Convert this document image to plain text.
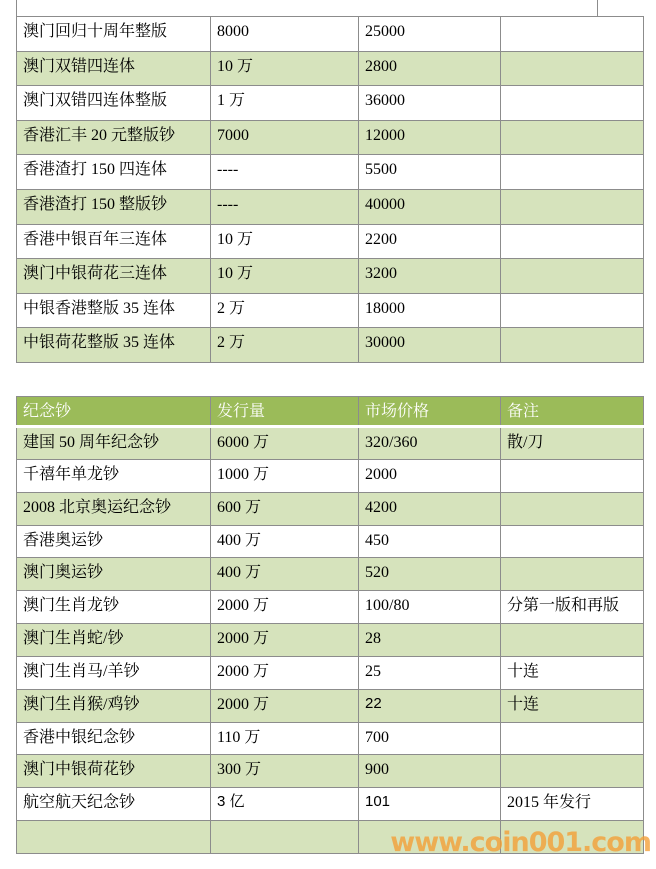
澳门回归十周年整版	8000	25000	
澳门双错四连体	10 万	2800	
澳门双错四连体整版	1 万	36000	
香港汇丰 20 元整版钞	7000	12000	
香港渣打 150 四连体	----	5500	
香港渣打 150 整版钞	----	40000	
香港中银百年三连体	10 万	2200	
澳门中银荷花三连体	10 万	3200	
中银香港整版 35 连体	2 万	18000	
中银荷花整版 35 连体	2 万	30000	
纪念钞	发行量	市场价格	备注
建国 50 周年纪念钞	6000 万	320/360	散/刀
千禧年单龙钞	1000 万	2000	
2008 北京奥运纪念钞	600 万	4200	
香港奥运钞	400 万	450	
澳门奥运钞	400 万	520	
澳门生肖龙钞	2000 万	100/80	分第一版和再版
澳门生肖蛇/钞	2000 万	28	
澳门生肖马/羊钞	2000 万	25	十连
澳门生肖猴/鸡钞	2000 万	22	十连
香港中银纪念钞	110 万	700	
澳门中银荷花钞	300 万	900	
航空航天纪念钞	3 亿	101	2015 年发行

www.coin001.com
